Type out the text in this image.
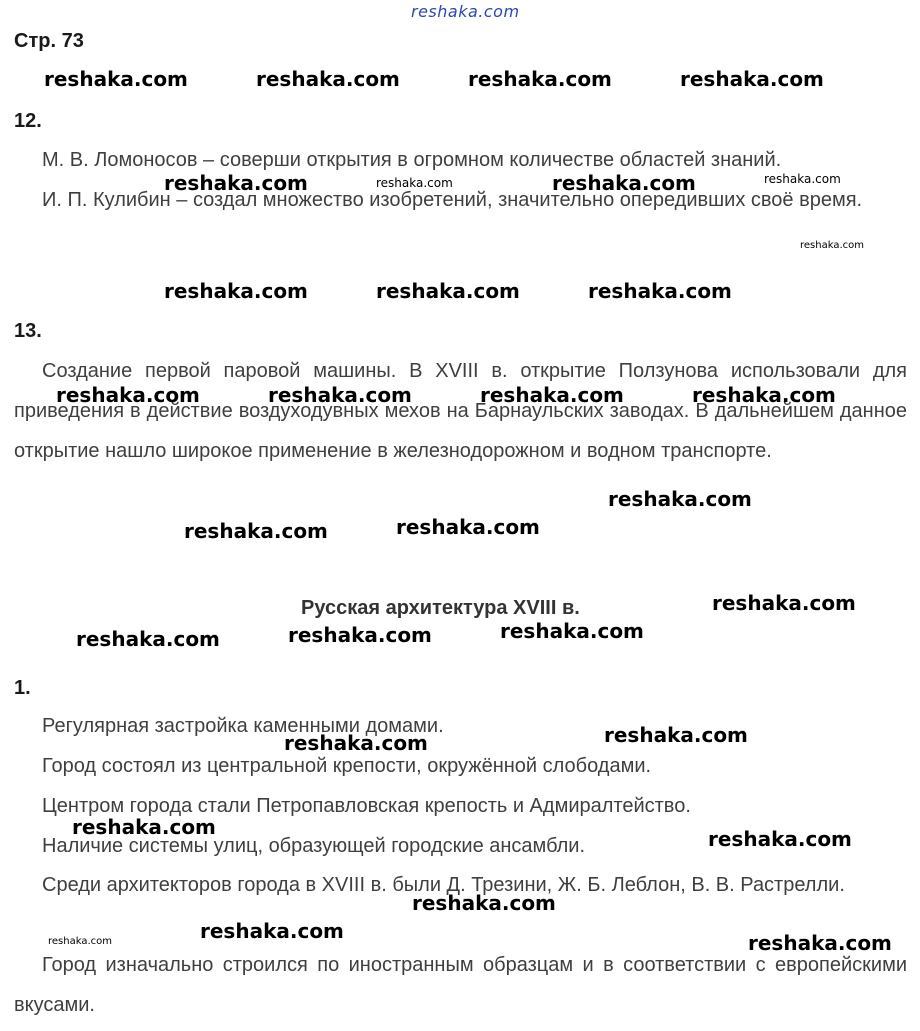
Стр. 73
12.
М. В. Ломоносов – соверши открытия в огромном количестве областей знаний.
И. П. Кулибин – создал множество изобретений, значительно опередивших своё время.
13.
Создание первой паровой машины. В XVIII в. открытие Ползунова использовали для приведения в действие воздуходувных мехов на Барнаульских заводах. В дальнейшем данное открытие нашло широкое применение в железнодорожном и водном транспорте.
Русская архитектура XVIII в.
1.
Регулярная застройка каменными домами.
Город состоял из центральной крепости, окружённой слободами.
Центром города стали Петропавловская крепость и Адмиралтейство.
Наличие системы улиц, образующей городские ансамбли.
Среди архитекторов города в XVIII в. были Д. Трезини, Ж. Б. Леблон, В. В. Растрелли.
Город изначально строился по иностранным образцам и в соответствии с европейскими вкусами.
reshaka.com
reshaka.com	reshaka.com	reshaka.com	reshaka.com
reshaka.com	reshaka.com	reshaka.com	reshaka.com
reshaka.com
reshaka.com	reshaka.com	reshaka.com
reshaka.com	reshaka.com	reshaka.com	reshaka.com
reshaka.com
reshaka.com
reshaka.com
reshaka.com
reshaka.com
reshaka.com
reshaka.com
reshaka.com
reshaka.com
reshaka.com	reshaka.com
reshaka.com
reshaka.com
reshaka.com	reshaka.com
